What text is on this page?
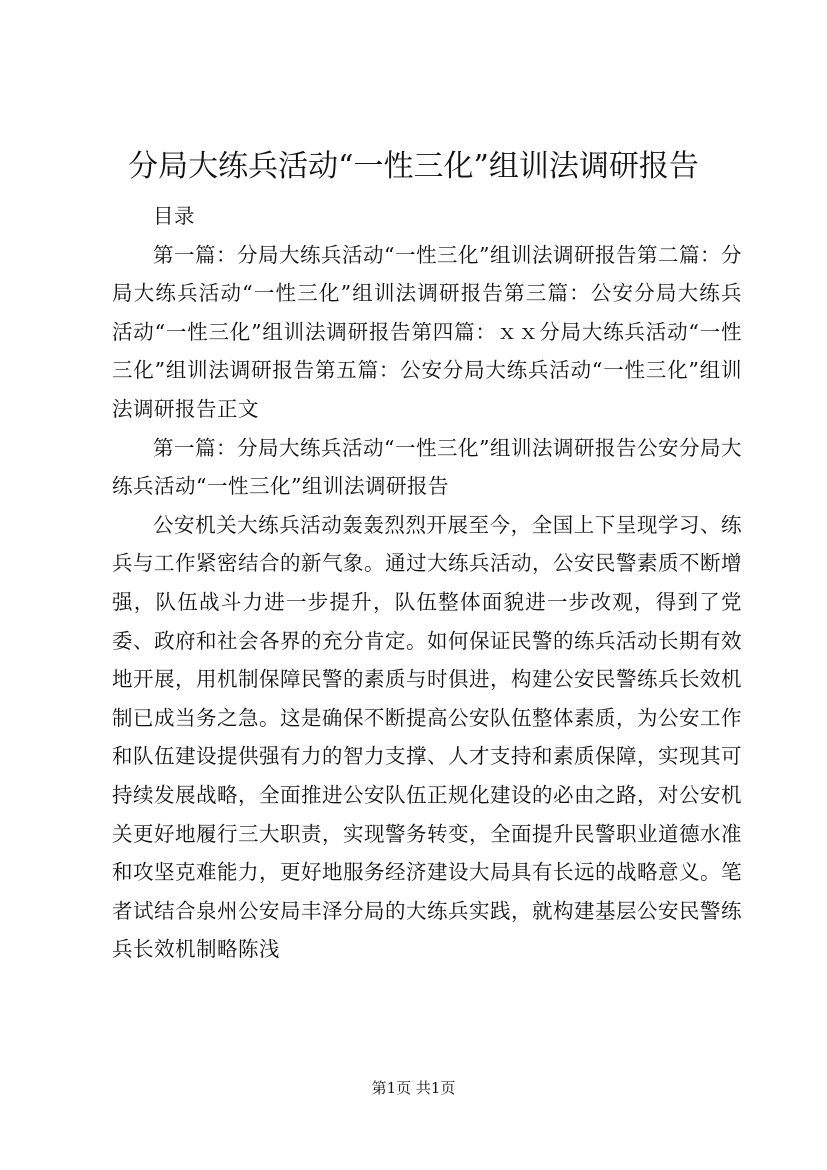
分局大练兵活动“一性三化”组训法调研报告

目录

第一篇：分局大练兵活动“一性三化”组训法调研报告第二篇：分局大练兵活动“一性三化”组训法调研报告第三篇：公安分局大练兵活动“一性三化”组训法调研报告第四篇：ｘｘ分局大练兵活动“一性三化”组训法调研报告第五篇：公安分局大练兵活动“一性三化”组训法调研报告正文

第一篇：分局大练兵活动“一性三化”组训法调研报告公安分局大练兵活动“一性三化”组训法调研报告

公安机关大练兵活动轰轰烈烈开展至今，全国上下呈现学习、练兵与工作紧密结合的新气象。通过大练兵活动，公安民警素质不断增强，队伍战斗力进一步提升，队伍整体面貌进一步改观，得到了党委、政府和社会各界的充分肯定。如何保证民警的练兵活动长期有效地开展，用机制保障民警的素质与时俱进，构建公安民警练兵长效机制已成当务之急。这是确保不断提高公安队伍整体素质，为公安工作和队伍建设提供强有力的智力支撑、人才支持和素质保障，实现其可持续发展战略，全面推进公安队伍正规化建设的必由之路，对公安机关更好地履行三大职责，实现警务转变，全面提升民警职业道德水准和攻坚克难能力，更好地服务经济建设大局具有长远的战略意义。笔者试结合泉州公安局丰泽分局的大练兵实践，就构建基层公安民警练兵长效机制略陈浅

第1页 共1页
